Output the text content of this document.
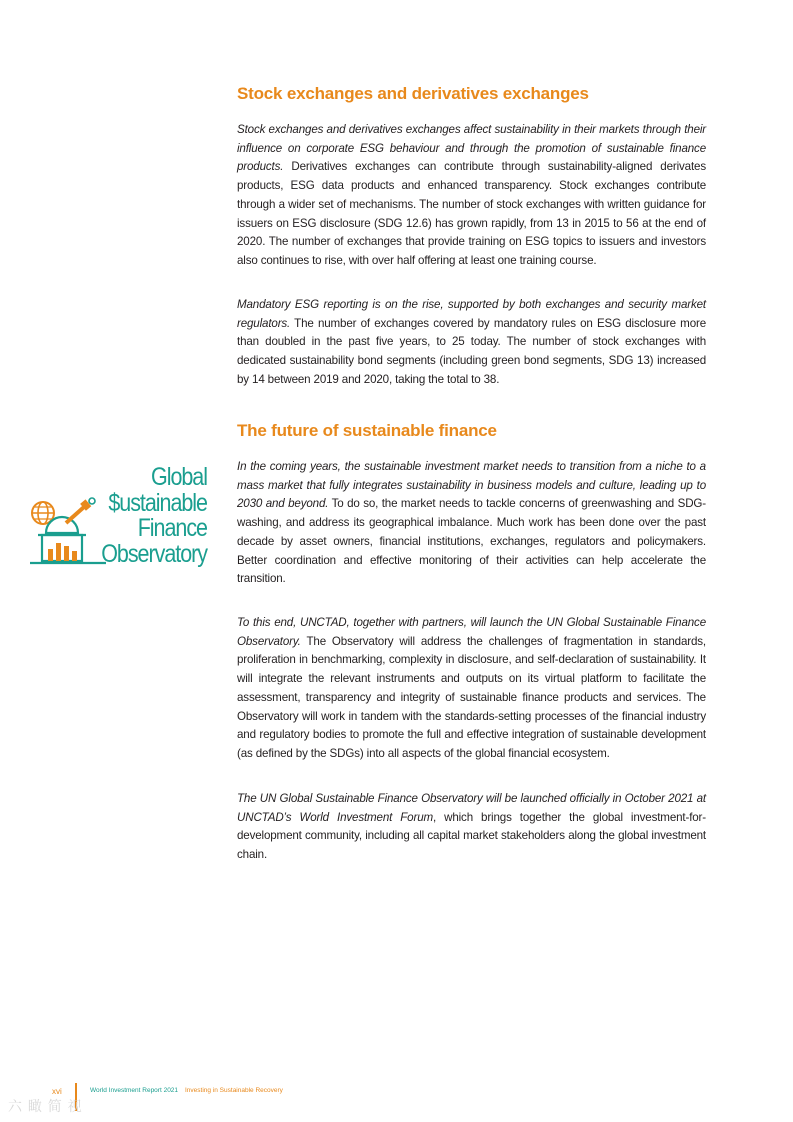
Stock exchanges and derivatives exchanges

Stock exchanges and derivatives exchanges affect sustainability in their markets through their influence on corporate ESG behaviour and through the promotion of sustainable finance products. Derivatives exchanges can contribute through sustainability-aligned derivates products, ESG data products and enhanced transparency. Stock exchanges contribute through a wider set of mechanisms. The number of stock exchanges with written guidance for issuers on ESG disclosure (SDG 12.6) has grown rapidly, from 13 in 2015 to 56 at the end of 2020. The number of exchanges that provide training on ESG topics to issuers and investors also continues to rise, with over half offering at least one training course.

Mandatory ESG reporting is on the rise, supported by both exchanges and security market regulators. The number of exchanges covered by mandatory rules on ESG disclosure more than doubled in the past five years, to 25 today. The number of stock exchanges with dedicated sustainability bond segments (including green bond segments, SDG 13) increased by 14 between 2019 and 2020, taking the total to 38.

The future of sustainable finance

In the coming years, the sustainable investment market needs to transition from a niche to a mass market that fully integrates sustainability in business models and culture, leading up to 2030 and beyond. To do so, the market needs to tackle concerns of greenwashing and SDG-washing, and address its geographical imbalance. Much work has been done over the past decade by asset owners, financial institutions, exchanges, regulators and policymakers. Better coordination and effective monitoring of their activities can help accelerate the transition.

To this end, UNCTAD, together with partners, will launch the UN Global Sustainable Finance Observatory. The Observatory will address the challenges of fragmentation in standards, proliferation in benchmarking, complexity in disclosure, and self-declaration of sustainability. It will integrate the relevant instruments and outputs on its virtual platform to facilitate the assessment, transparency and integrity of sustainable finance products and services. The Observatory will work in tandem with the standards-setting processes of the financial industry and regulatory bodies to promote the full and effective integration of sustainable development (as defined by the SDGs) into all aspects of the global financial ecosystem.

The UN Global Sustainable Finance Observatory will be launched officially in October 2021 at UNCTAD’s World Investment Forum, which brings together the global investment-for-development community, including all capital market stakeholders along the global investment chain.

Global
$ustainable
Finance
Observatory
xvi	World Investment Report 2021 Investing in Sustainable Recovery
六 瞰 简 视
